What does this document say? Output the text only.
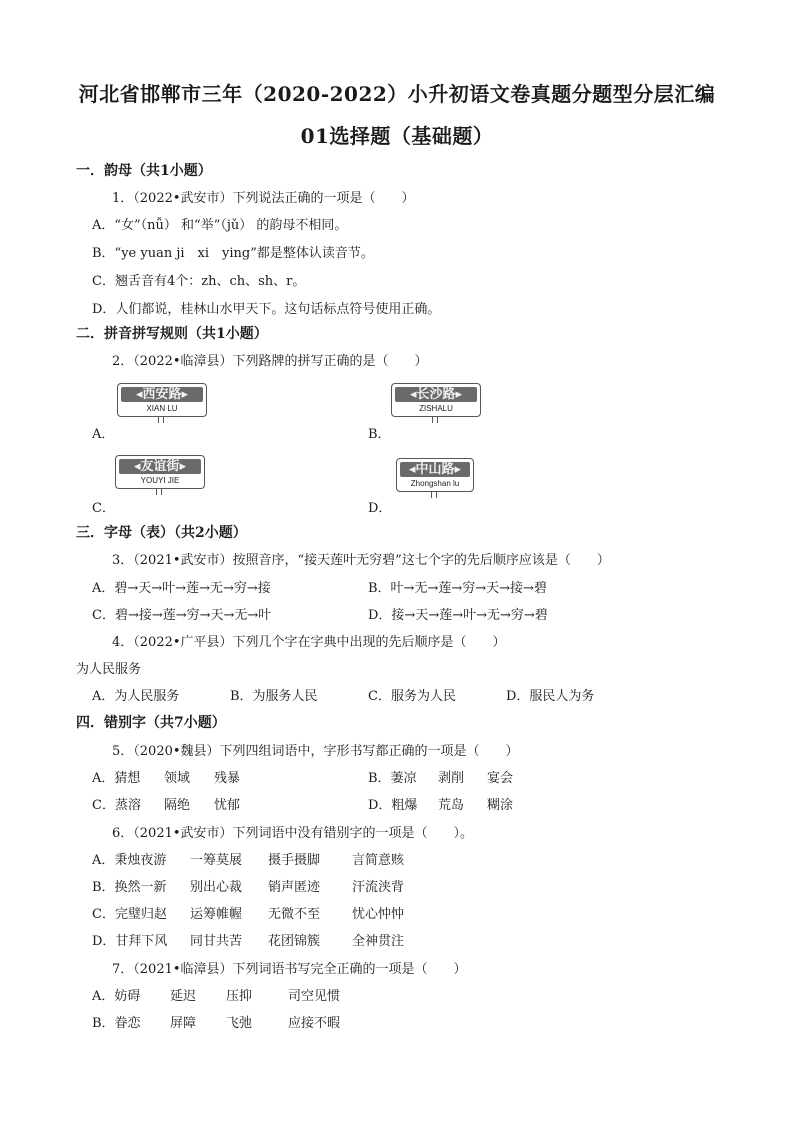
河北省邯郸市三年（2020-2022）小升初语文卷真题分题型分层汇编
01选择题（基础题）
一．韵母（共1小题）
1．（2022•武安市）下列说法正确的一项是（　　）
A．“女”（nǚ） 和“举”（jǔ） 的韵母不相同。
B．“ye yuan ji　xi　ying”都是整体认读音节。
C．翘舌音有4个：zh、ch、sh、r。
D．人们都说，桂林山水甲天下。这句话标点符号使用正确。
二．拼音拼写规则（共1小题）
2．（2022•临漳县）下列路牌的拼写正确的是（　　）
A．
◂西安路▸
XIAN LU
B．
◂长沙路▸
ZISHALU
C．
◂友谊街▸
YOUYI JIE
D．
◂中山路▸
Zhongshan lu
三．字母（表）（共2小题）
3．（2021•武安市）按照音序，“接天莲叶无穷碧”这七个字的先后顺序应该是（　　）
A．碧→天→叶→莲→无→穷→接	B．叶→无→莲→穷→天→接→碧
C．碧→接→莲→穷→天→无→叶	D．接→天→莲→叶→无→穷→碧
4．（2022•广平县）下列几个字在字典中出现的先后顺序是（　　）
为人民服务
A．为人民服务	B．为服务人民	C．服务为人民	D．服民人为务
四．错别字（共7小题）
5．（2020•魏县）下列四组词语中，字形书写都正确的一项是（　　）
A．猜想 领域 残暴	B．萋凉 剥削 宴会
C．蒸溶 隔绝 忧郁	D．粗爆 荒岛 糊涂
6．（2021•武安市）下列词语中没有错别字的一项是（　　）。
A．秉烛夜游 一筹莫展 摄手摄脚 言简意赅
B．换然一新 别出心裁 销声匿迹 汗流浃背
C．完璧归赵 运筹帷幄 无微不至 忧心忡忡
D．甘拜下风 同甘共苦 花团锦簇 全神贯注
7．（2021•临漳县）下列词语书写完全正确的一项是（　　）
A．妨碍 延迟 压抑	司空见惯
B．眷恋 屏障 飞弛	应接不暇
